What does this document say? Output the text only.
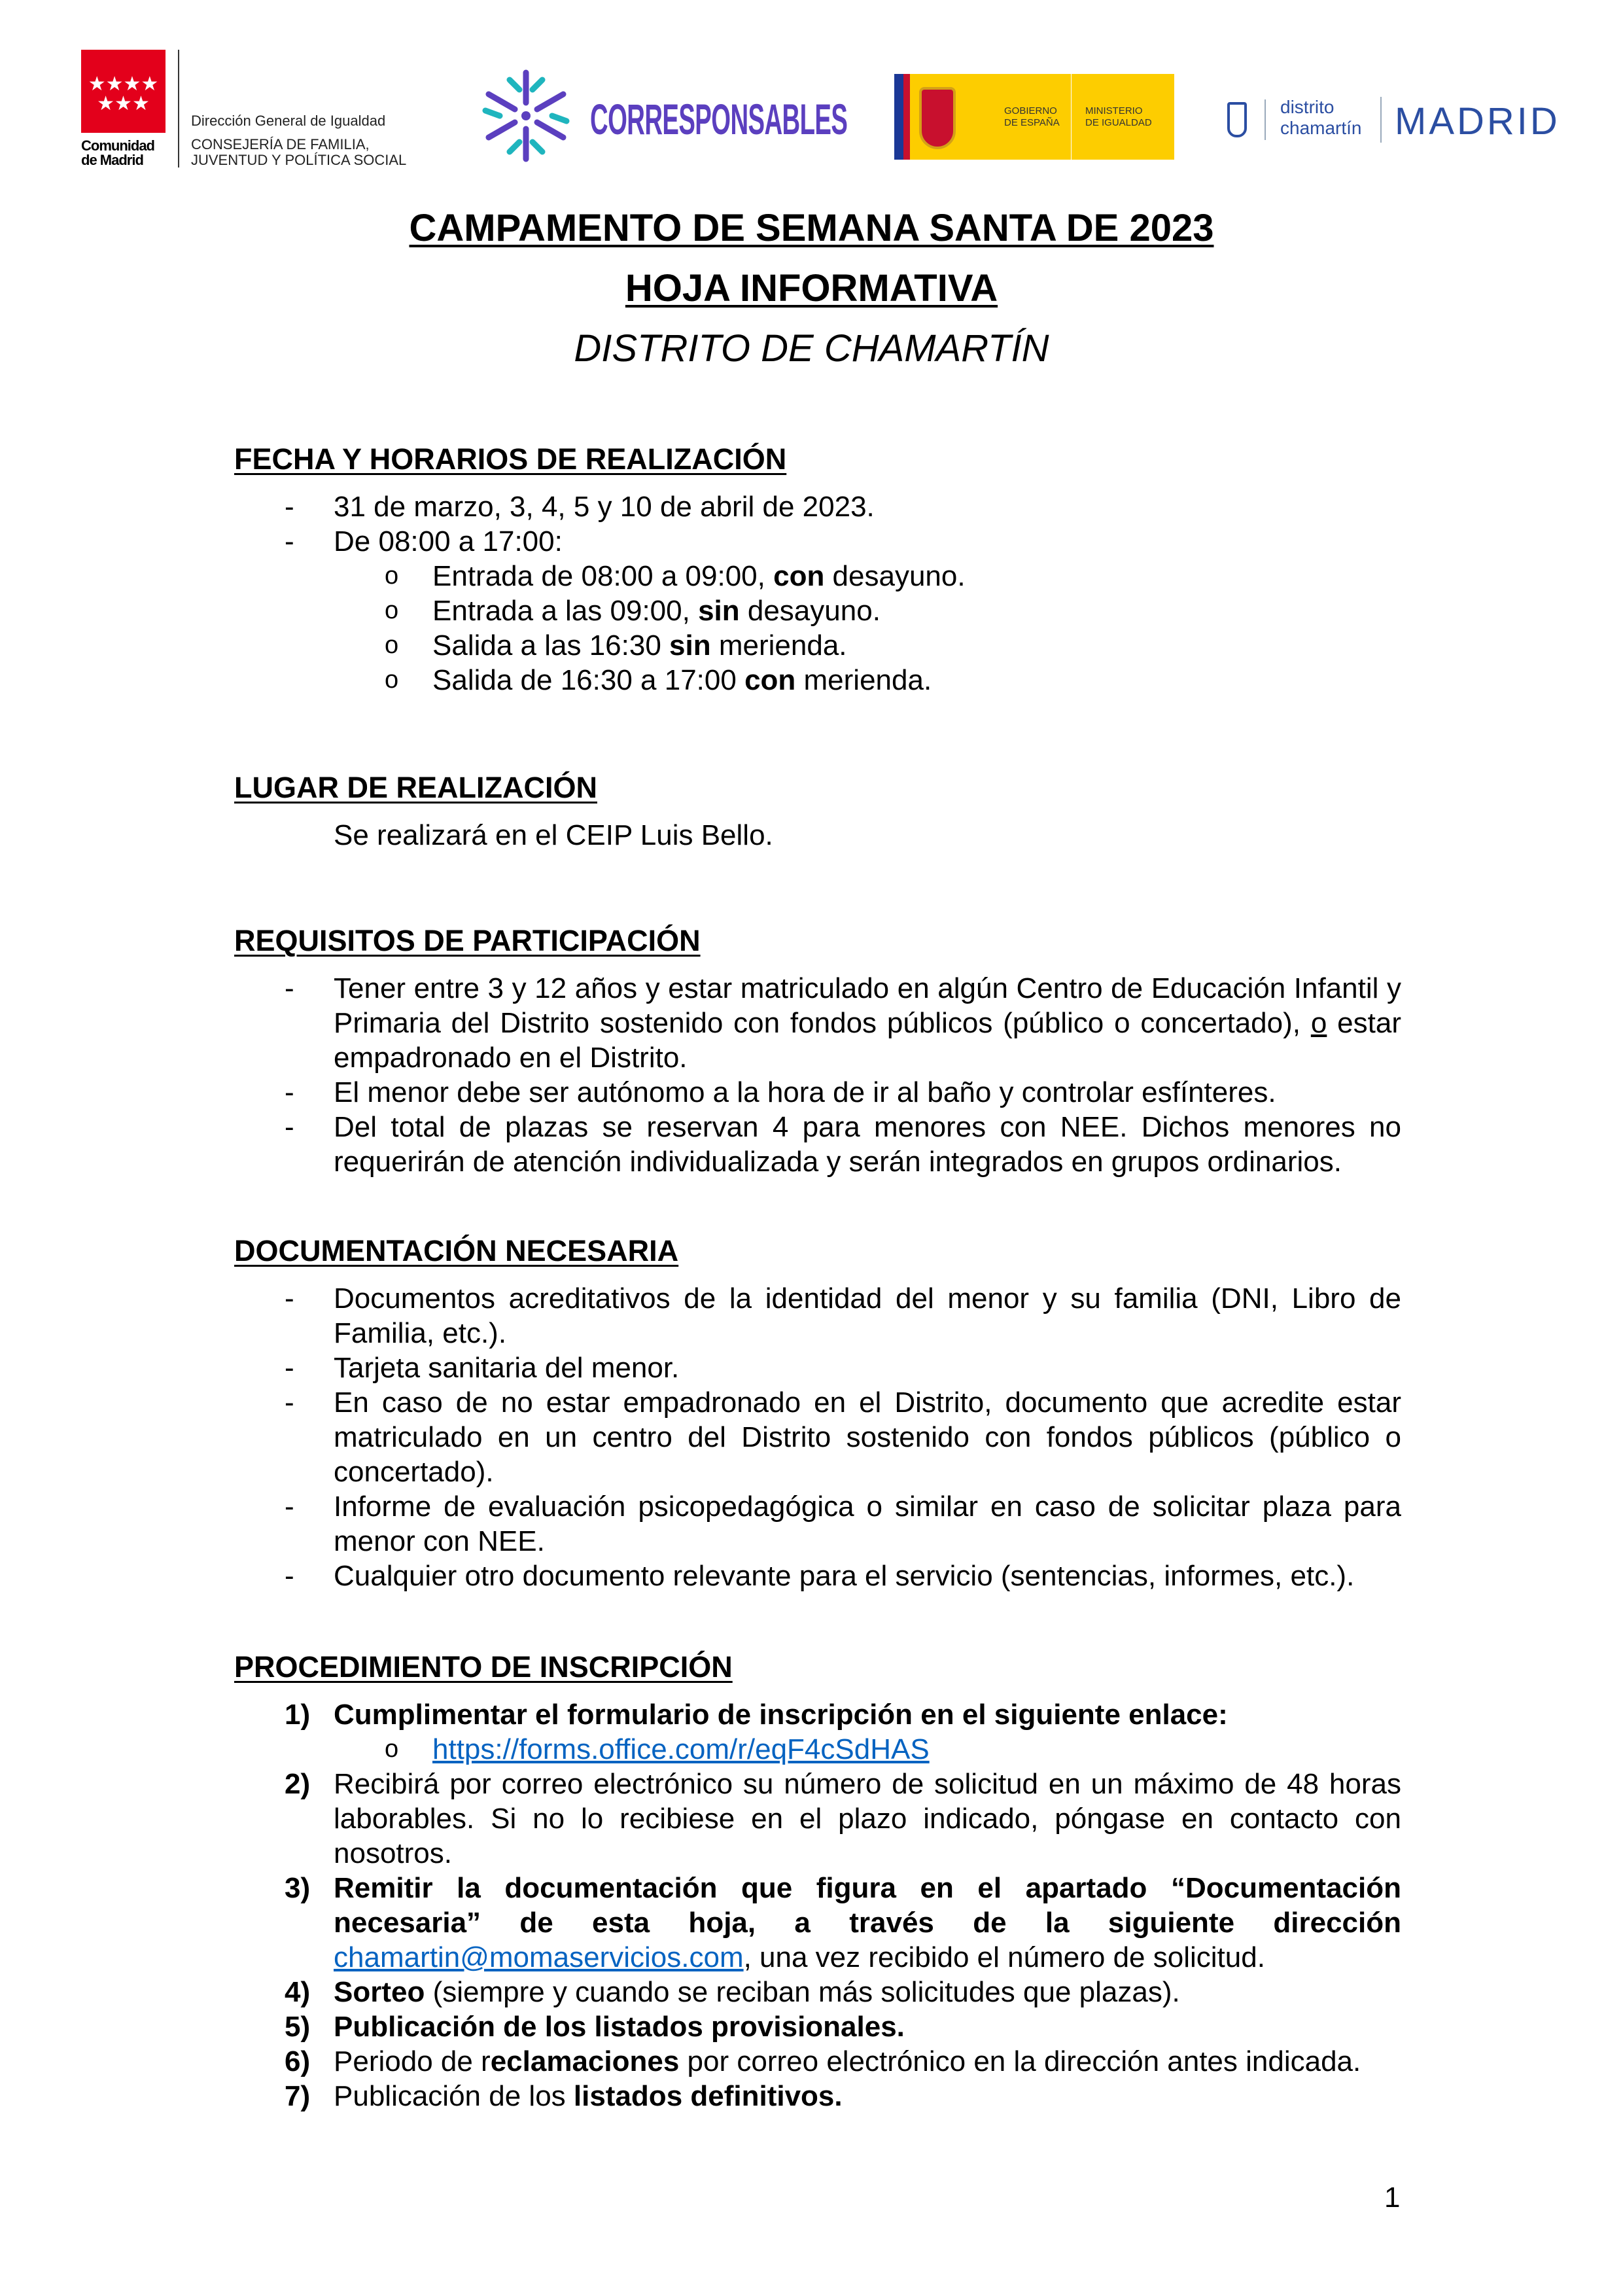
★★★★
★★★
Comunidad
de Madrid
Dirección General de Igualdad
CONSEJERÍA DE FAMILIA,
JUVENTUD Y POLÍTICA SOCIAL
CORRESPONSABLES	GOBIERNO
DE ESPAÑA
MINISTERIO
DE IGUALDAD
distrito
chamartín MADRID
CAMPAMENTO DE SEMANA SANTA DE 2023
HOJA INFORMATIVA
DISTRITO DE CHAMARTÍN
FECHA Y HORARIOS DE REALIZACIÓN
- 31 de marzo, 3, 4, 5 y 10 de abril de 2023.
- De 08:00 a 17:00:
o Entrada de 08:00 a 09:00, con desayuno.
o Entrada a las 09:00, sin desayuno.
o Salida a las 16:30 sin merienda.
o Salida de 16:30 a 17:00 con merienda.
LUGAR DE REALIZACIÓN
Se realizará en el CEIP Luis Bello.
REQUISITOS DE PARTICIPACIÓN
- Tener entre 3 y 12 años y estar matriculado en algún Centro de Educación Infantil y Primaria del Distrito sostenido con fondos públicos (público o concertado), o estar empadronado en el Distrito.
- El menor debe ser autónomo a la hora de ir al baño y controlar esfínteres.
- Del total de plazas se reservan 4 para menores con NEE. Dichos menores no requerirán de atención individualizada y serán integrados en grupos ordinarios.
DOCUMENTACIÓN NECESARIA
- Documentos acreditativos de la identidad del menor y su familia (DNI, Libro de Familia, etc.).
- Tarjeta sanitaria del menor.
- En caso de no estar empadronado en el Distrito, documento que acredite estar matriculado en un centro del Distrito sostenido con fondos públicos (público o concertado).
- Informe de evaluación psicopedagógica o similar en caso de solicitar plaza para menor con NEE.
- Cualquier otro documento relevante para el servicio (sentencias, informes, etc.).
PROCEDIMIENTO DE INSCRIPCIÓN
1) Cumplimentar el formulario de inscripción en el siguiente enlace:
o https://forms.office.com/r/eqF4cSdHAS
2) Recibirá por correo electrónico su número de solicitud en un máximo de 48 horas laborables. Si no lo recibiese en el plazo indicado, póngase en contacto con nosotros.
3) Remitir la documentación que figura en el apartado “Documentación necesaria” de esta hoja, a través de la siguiente dirección chamartin@momaservicios.com, una vez recibido el número de solicitud.
4) Sorteo (siempre y cuando se reciban más solicitudes que plazas).
5) Publicación de los listados provisionales.
6) Periodo de reclamaciones por correo electrónico en la dirección antes indicada.
7) Publicación de los listados definitivos.
1
